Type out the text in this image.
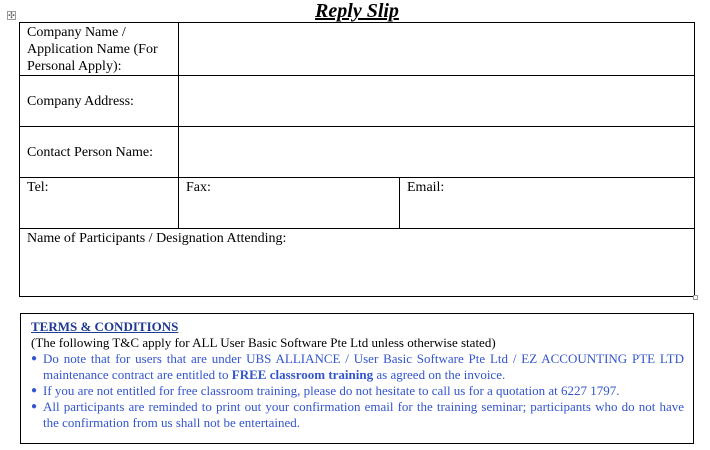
✣	Reply Slip
Company Name / Application Name (For Personal Apply):		
Company Address:		
Contact Person Name:		
Tel:	Fax:	Email:
Name of Participants / Designation Attending:		
TERMS & CONDITIONS
(The following T&C apply for ALL User Basic Software Pte Ltd unless otherwise stated)
● Do note that for users that are under UBS ALLIANCE / User Basic Software Pte Ltd / EZ ACCOUNTING PTE LTD maintenance contract are entitled to FREE classroom training as agreed on the invoice.
● If you are not entitled for free classroom training, please do not hesitate to call us for a quotation at 6227 1797.
● All participants are reminded to print out your confirmation email for the training seminar; participants who do not have the confirmation from us shall not be entertained.
